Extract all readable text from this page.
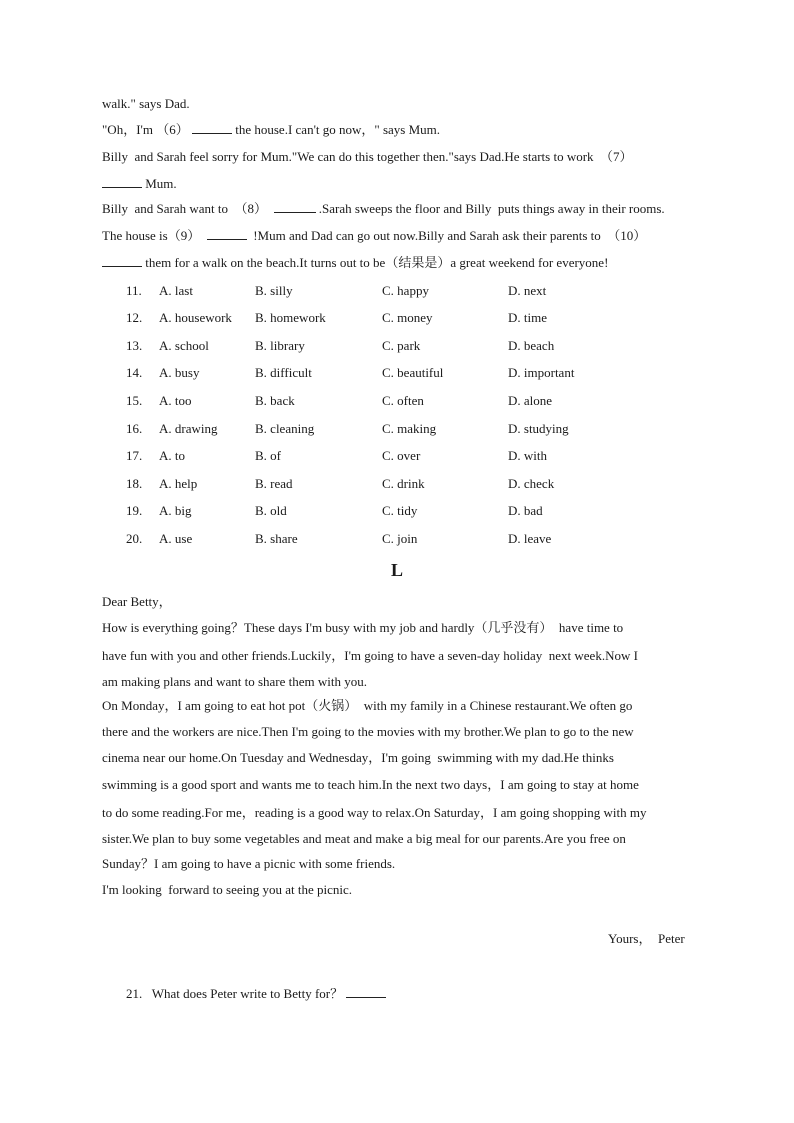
walk." says Dad.
"Oh，I'm （6）	the house.I can't go now，" says Mum.
Billy  and Sarah feel sorry for Mum."We can do this together then."says Dad.He starts to work  （7）
Mum.
Billy  and Sarah want to  （8）	.Sarah sweeps the floor and Billy  puts things away in their rooms.
The house is（9）	!Mum and Dad can go out now.Billy and Sarah ask their parents to  （10）
them for a walk on the beach.It turns out to be（结果是）a great weekend for everyone!
11. A. last	B. silly	C. happy	D. next
12. A. housework B. homework	C. money	D. time
13. A. school	B. library	C. park	D. beach
14. A. busy	B. difficult	C. beautiful	D. important
15. A. too	B. back	C. often	D. alone
16. A. drawing	B. cleaning	C. making	D. studying
17. A. to	B. of	C. over	D. with
18. A. help	B. read	C. drink	D. check
19. A. big	B. old	C. tidy	D. bad
20. A. use	B. share	C. join	D. leave
L
Dear Betty，
How is everything going？These days I'm busy with my job and hardly（几乎没有）  have time to
have fun with you and other friends.Luckily，I'm going to have a seven-day holiday  next week.Now I
am making plans and want to share them with you.
On Monday，I am going to eat hot pot（火锅）  with my family in a Chinese restaurant.We often go
there and the workers are nice.Then I'm going to the movies with my brother.We plan to go to the new
cinema near our home.On Tuesday and Wednesday，I'm going  swimming with my dad.He thinks
swimming is a good sport and wants me to teach him.In the next two days，I am going to stay at home
to do some reading.For me，reading is a good way to relax.On Saturday，I am going shopping with my
sister.We plan to buy some vegetables and meat and make a big meal for our parents.Are you free on
Sunday？I am going to have a picnic with some friends.
I'm looking  forward to seeing you at the picnic.
Yours，  Peter
21. What does Peter write to Betty for？
